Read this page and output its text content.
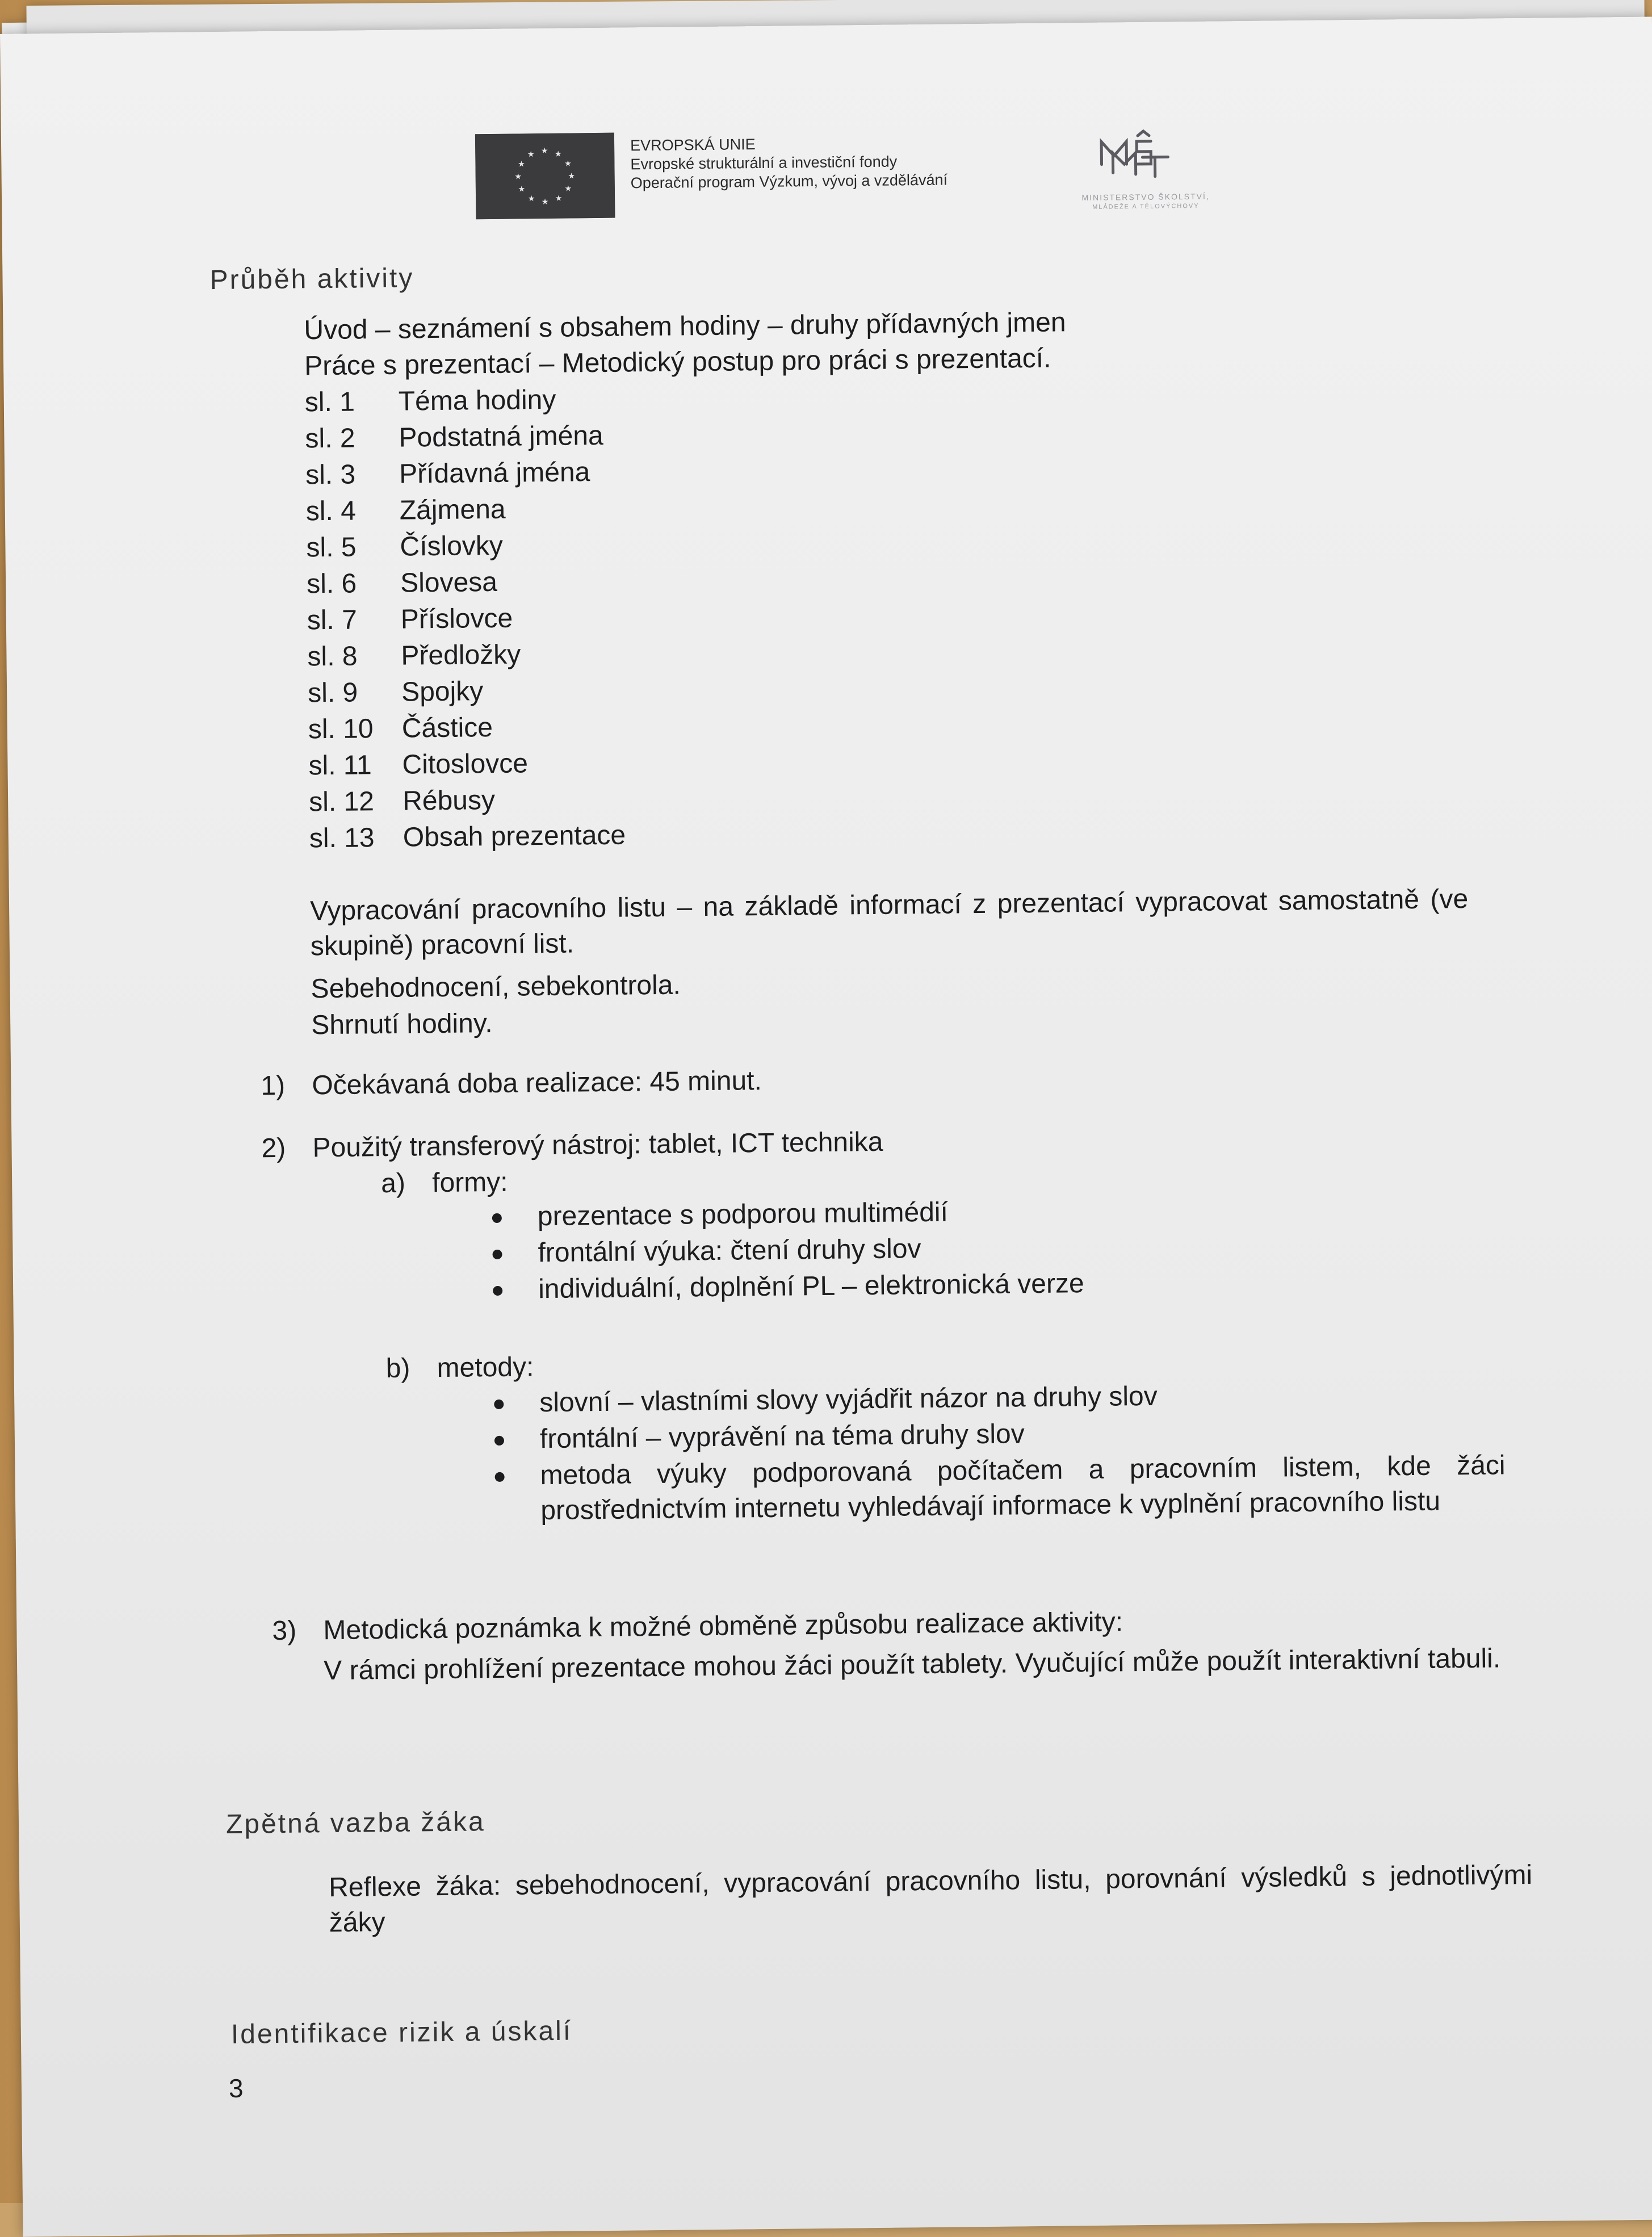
★ ★
★
★
★
★
★
★
★
★
★
★
EVROPSKÁ UNIE
Evropské strukturální a investiční fondy
Operační program Výzkum, vývoj a vzdělávání
MINISTERSTVO ŠKOLSTVÍ,
MLÁDEŽE A TĚLOVÝCHOVY
Průběh aktivity
Úvod – seznámení s obsahem hodiny – druhy přídavných jmen
Práce s prezentací – Metodický postup pro práci s prezentací.
sl. 1 Téma hodiny
sl. 2 Podstatná jména
sl. 3 Přídavná jména
sl. 4 Zájmena
sl. 5 Číslovky
sl. 6 Slovesa
sl. 7 Příslovce
sl. 8 Předložky
sl. 9 Spojky
sl. 10 Částice
sl. 11 Citoslovce
sl. 12 Rébusy
sl. 13 Obsah prezentace
Vypracování pracovního listu – na základě informací z prezentací vypracovat samostatně (ve skupině) pracovní list.
Sebehodnocení, sebekontrola.
Shrnutí hodiny.
1) Očekávaná doba realizace: 45 minut.
2) Použitý transferový nástroj: tablet, ICT technika
a) formy:
prezentace s podporou multimédií
frontální výuka: čtení druhy slov
individuální, doplnění PL – elektronická verze
b) metody:
slovní – vlastními slovy vyjádřit názor na druhy slov
frontální – vyprávění na téma druhy slov
metoda výuky podporovaná počítačem a pracovním listem, kde žáci prostřednictvím internetu vyhledávají informace k vyplnění pracovního listu
3) Metodická poznámka k možné obměně způsobu realizace aktivity:
V rámci prohlížení prezentace mohou žáci použít tablety. Vyučující může použít interaktivní tabuli.
Zpětná vazba žáka
Reflexe žáka: sebehodnocení, vypracování pracovního listu, porovnání výsledků s jednotlivými žáky
Identifikace rizik a úskalí
3
